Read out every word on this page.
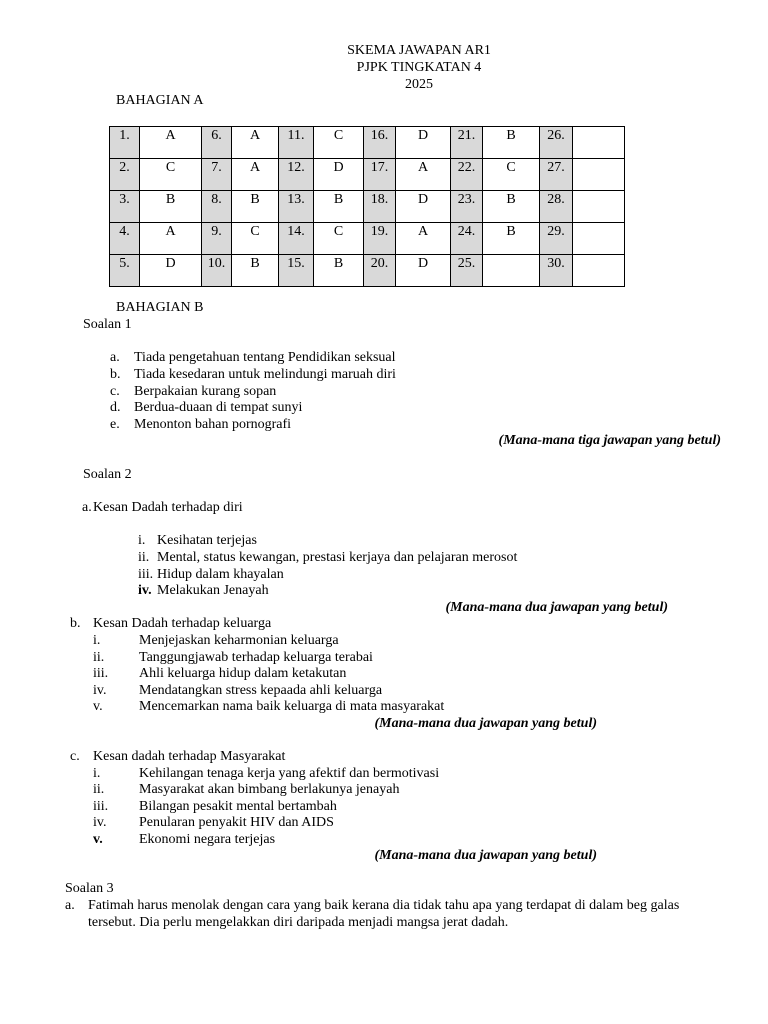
SKEMA JAWAPAN AR1
PJPK TINGKATAN 4
2025
BAHAGIAN A
1.	A	6.	A	11.	C	16.	D	21.	B	26.	
2.	C	7.	A	12.	D	17.	A	22.	C	27.	
3.	B	8.	B	13.	B	18.	D	23.	B	28.	
4.	A	9.	C	14.	C	19.	A	24.	B	29.	
5.	D	10.	B	15.	B	20.	D	25.		30.	
BAHAGIAN B
Soalan 1
a. Tiada pengetahuan tentang Pendidikan seksual
b. Tiada kesedaran untuk melindungi maruah diri
c. Berpakaian kurang sopan
d. Berdua-duaan di tempat sunyi
e. Menonton bahan pornografi
(Mana-mana tiga jawapan yang betul)
Soalan 2
a. Kesan Dadah terhadap diri
i. Kesihatan terjejas
ii. Mental, status kewangan, prestasi kerjaya dan pelajaran merosot
iii. Hidup dalam khayalan
iv. Melakukan Jenayah
(Mana-mana dua jawapan yang betul)
b. Kesan Dadah terhadap keluarga
i.	Menjejaskan keharmonian keluarga
ii. Tanggungjawab terhadap keluarga terabai
iii. Ahli keluarga hidup dalam ketakutan
iv. Mendatangkan stress kepaada ahli keluarga
v.	Mencemarkan nama baik keluarga di mata masyarakat
(Mana-mana dua jawapan yang betul)
c. Kesan dadah terhadap Masyarakat
i.	Kehilangan tenaga kerja yang afektif dan bermotivasi
ii. Masyarakat akan bimbang berlakunya jenayah
iii. Bilangan pesakit mental bertambah
iv. Penularan penyakit HIV dan AIDS
v.	Ekonomi negara terjejas
(Mana-mana dua jawapan yang betul)
Soalan 3
a. Fatimah harus menolak dengan cara yang baik kerana dia tidak tahu apa yang terdapat di dalam beg galas
tersebut. Dia perlu mengelakkan diri daripada menjadi mangsa jerat dadah.
